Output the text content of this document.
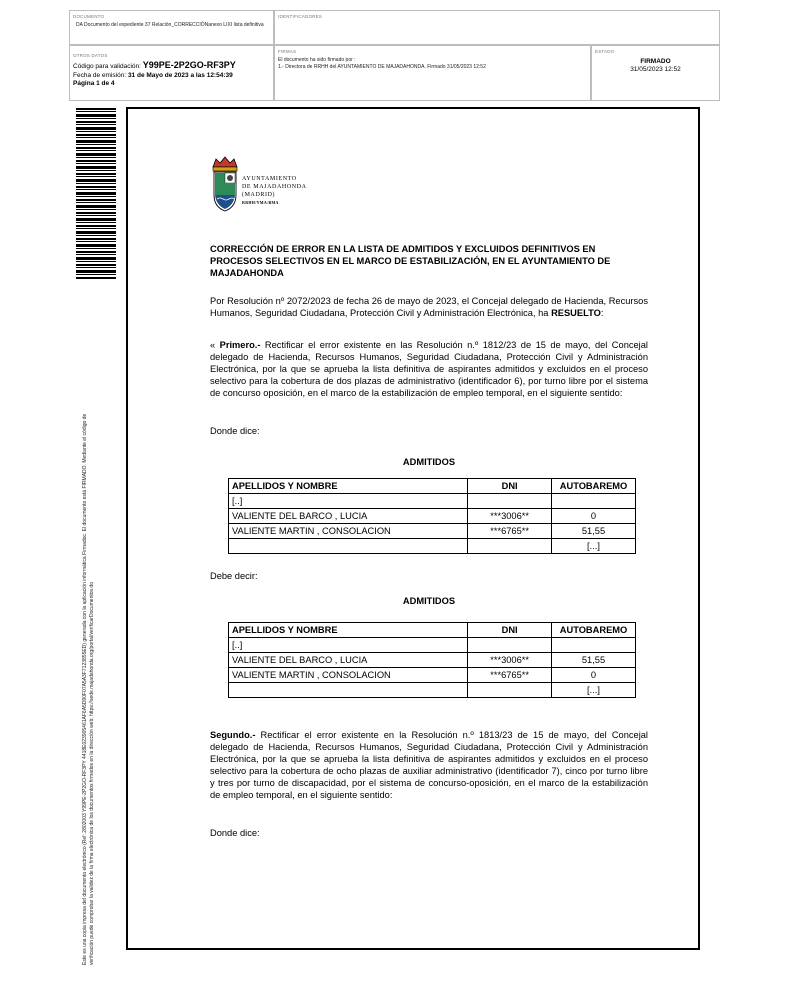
DOCUMENTO
DA Documento del expediente 37 Relación_CORRECCIÓNanexo LIXI lista definitiva
IDENTIFICADORES
OTROS DATOS
Código para validación: Y99PE-2P2GO-RF3PY
Fecha de emisión: 31 de Mayo de 2023 a las 12:54:39
Página 1 de 4
FIRMAS
El documento ha sido firmado por :
1.- Directora de RRHH del AYUNTAMIENTO DE MAJADAHONDA. Firmado 31/05/2023 12:52
ESTADO
FIRMADO
31/05/2023 12:52
Este es una copia impresa del documento electrónico (Ref: 2802003 Y99PE-2P2GO-RF3PY 4418E023905461AF6A5D90F07A5A3F7123855ED) generada con la aplicación informática Firmadoc. El documento está FIRMADO. Mediante el código de verificación puede comprobar la validez de la firma electrónica de los documentos firmados en la dirección web: https://sede.majadahonda.org/portal/verificarDocumentos.do
AYUNTAMIENTO
DE MAJADAHONDA
(MADRID)
RRHH/YMA/BMA
CORRECCIÓN DE ERROR EN LA LISTA DE ADMITIDOS Y EXCLUIDOS DEFINITIVOS EN PROCESOS SELECTIVOS EN EL MARCO DE ESTABILIZACIÓN, EN EL AYUNTAMIENTO DE MAJADAHONDA

Por Resolución nº 2072/2023 de fecha 26 de mayo de 2023, el Concejal delegado de Hacienda, Recursos Humanos, Seguridad Ciudadana, Protección Civil y Administración Electrónica, ha RESUELTO:

« Primero.- Rectificar el error existente en las Resolución n.º 1812/23 de 15 de mayo, del Concejal delegado de Hacienda, Recursos Humanos, Seguridad Ciudadana, Protección Civil y Administración Electrónica, por la que se aprueba la lista definitiva de aspirantes admitidos y excluidos en el proceso selectivo para la cobertura de dos plazas de administrativo (identificador 6), por turno libre por el sistema de concurso oposición, en el marco de la estabilización de empleo temporal, en el siguiente sentido:

Donde dice:

ADMITIDOS
APELLIDOS Y NOMBRE	DNI	AUTOBAREMO
[..]		
VALIENTE DEL BARCO , LUCIA	***3006**	0
VALIENTE MARTIN , CONSOLACION	***6765**	51,55
		[...]

Debe decir:

ADMITIDOS
APELLIDOS Y NOMBRE	DNI	AUTOBAREMO
[..]		
VALIENTE DEL BARCO , LUCIA	***3006**	51,55
VALIENTE MARTIN , CONSOLACION	***6765**	0
		[...]

Segundo.- Rectificar el error existente en la Resolución n.º 1813/23 de 15 de mayo, del Concejal delegado de Hacienda, Recursos Humanos, Seguridad Ciudadana, Protección Civil y Administración Electrónica, por la que se aprueba la lista definitiva de aspirantes admitidos y excluidos en el proceso selectivo para la cobertura de ocho plazas de auxiliar administrativo (identificador 7), cinco por turno libre y tres por turno de discapacidad, por el sistema de concurso-oposición, en el marco de la estabilización de empleo temporal, en el siguiente sentido:

Donde dice:
